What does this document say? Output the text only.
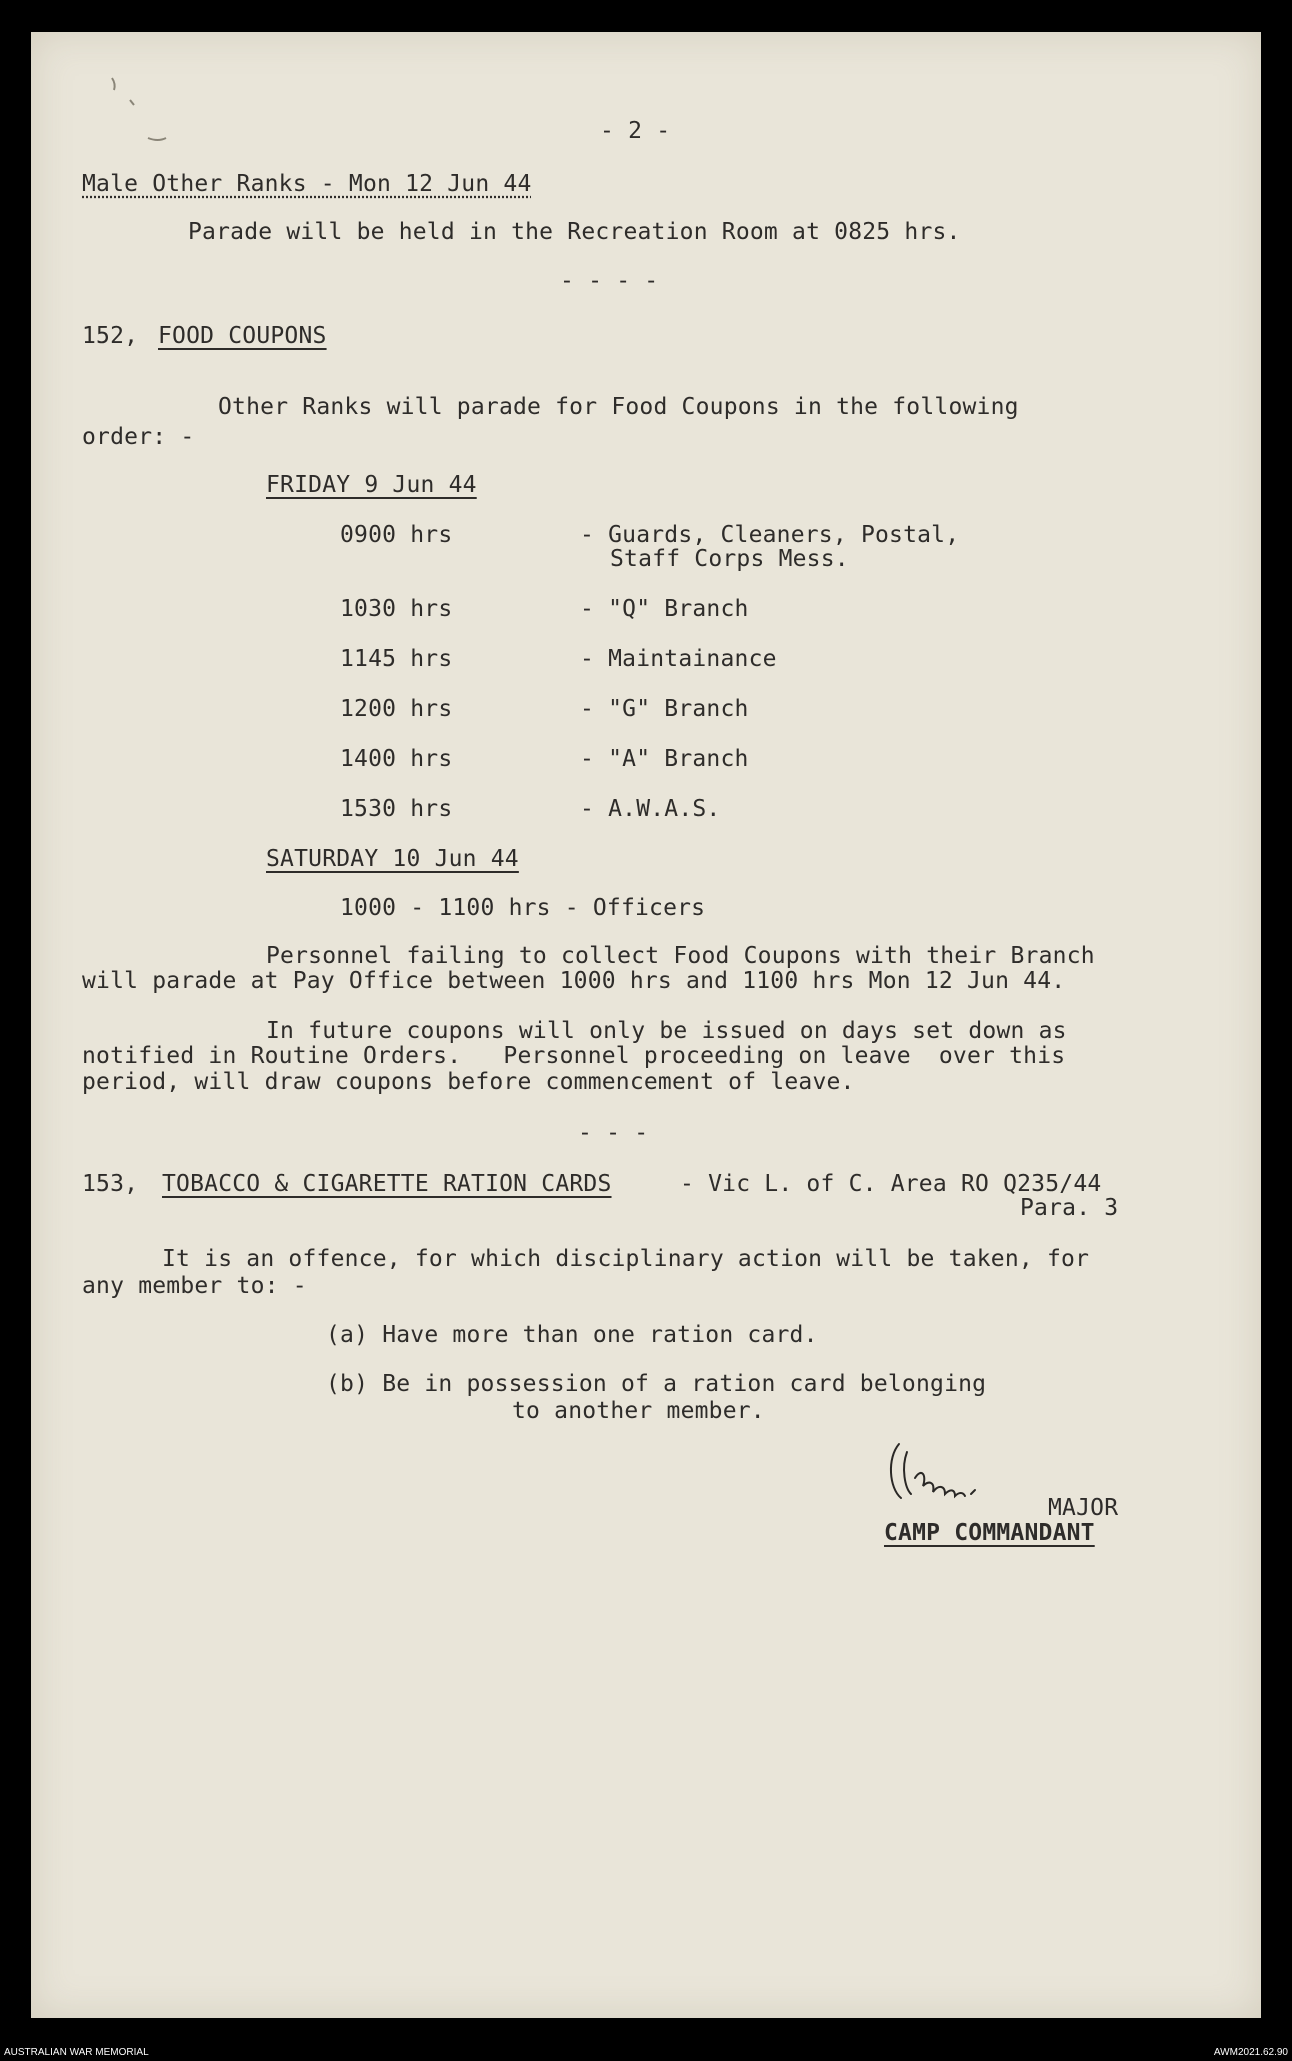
- 2 -
Male Other Ranks - Mon 12 Jun 44
Parade will be held in the Recreation Room at 0825 hrs.
- - - -
152, FOOD COUPONS
Other Ranks will parade for Food Coupons in the following
order: -
FRIDAY 9 Jun 44
0900 hrs	- Guards, Cleaners, Postal,
Staff Corps Mess.
1030 hrs	- "Q" Branch
1145 hrs	- Maintainance
1200 hrs	- "G" Branch
1400 hrs	- "A" Branch
1530 hrs	- A.W.A.S.
SATURDAY 10 Jun 44
1000 - 1100 hrs - Officers
Personnel failing to collect Food Coupons with their Branch
will parade at Pay Office between 1000 hrs and 1100 hrs Mon 12 Jun 44.
In future coupons will only be issued on days set down as
notified in Routine Orders.   Personnel proceeding on leave  over this
period, will draw coupons before commencement of leave.
- - -
153, TOBACCO & CIGARETTE RATION CARDS	- Vic L. of C. Area RO Q235/44
Para. 3
It is an offence, for which disciplinary action will be taken, for
any member to: -
(a) Have more than one ration card.
(b) Be in possession of a ration card belonging
to another member.
MAJOR
CAMP COMMANDANT
AUSTRALIAN WAR MEMORIAL	AWM2021.62.90
